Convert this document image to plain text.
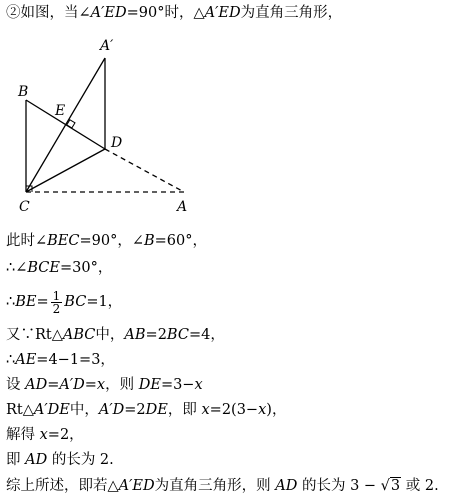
②如图，当∠A′ED=90°时，△A′ED为直角三角形，
A′
B
E
D
C	A
此时∠BEC=90°，∠B=60°，
∴∠BCE=30°，
∴BE= $\frac{1}{2} BC=1$，
又∵Rt△ABC中，AB=2BC=4，
∴AE=4−1=3，
设 AD=A′D=x，则 DE=3−x
Rt△A′DE中，A′D=2DE，即 x=2(3−x)，
解得 x=2，
即 AD 的长为 2.
综上所述，即若△A′ED为直角三角形，则 AD 的长为 3 − √3 或 2.
